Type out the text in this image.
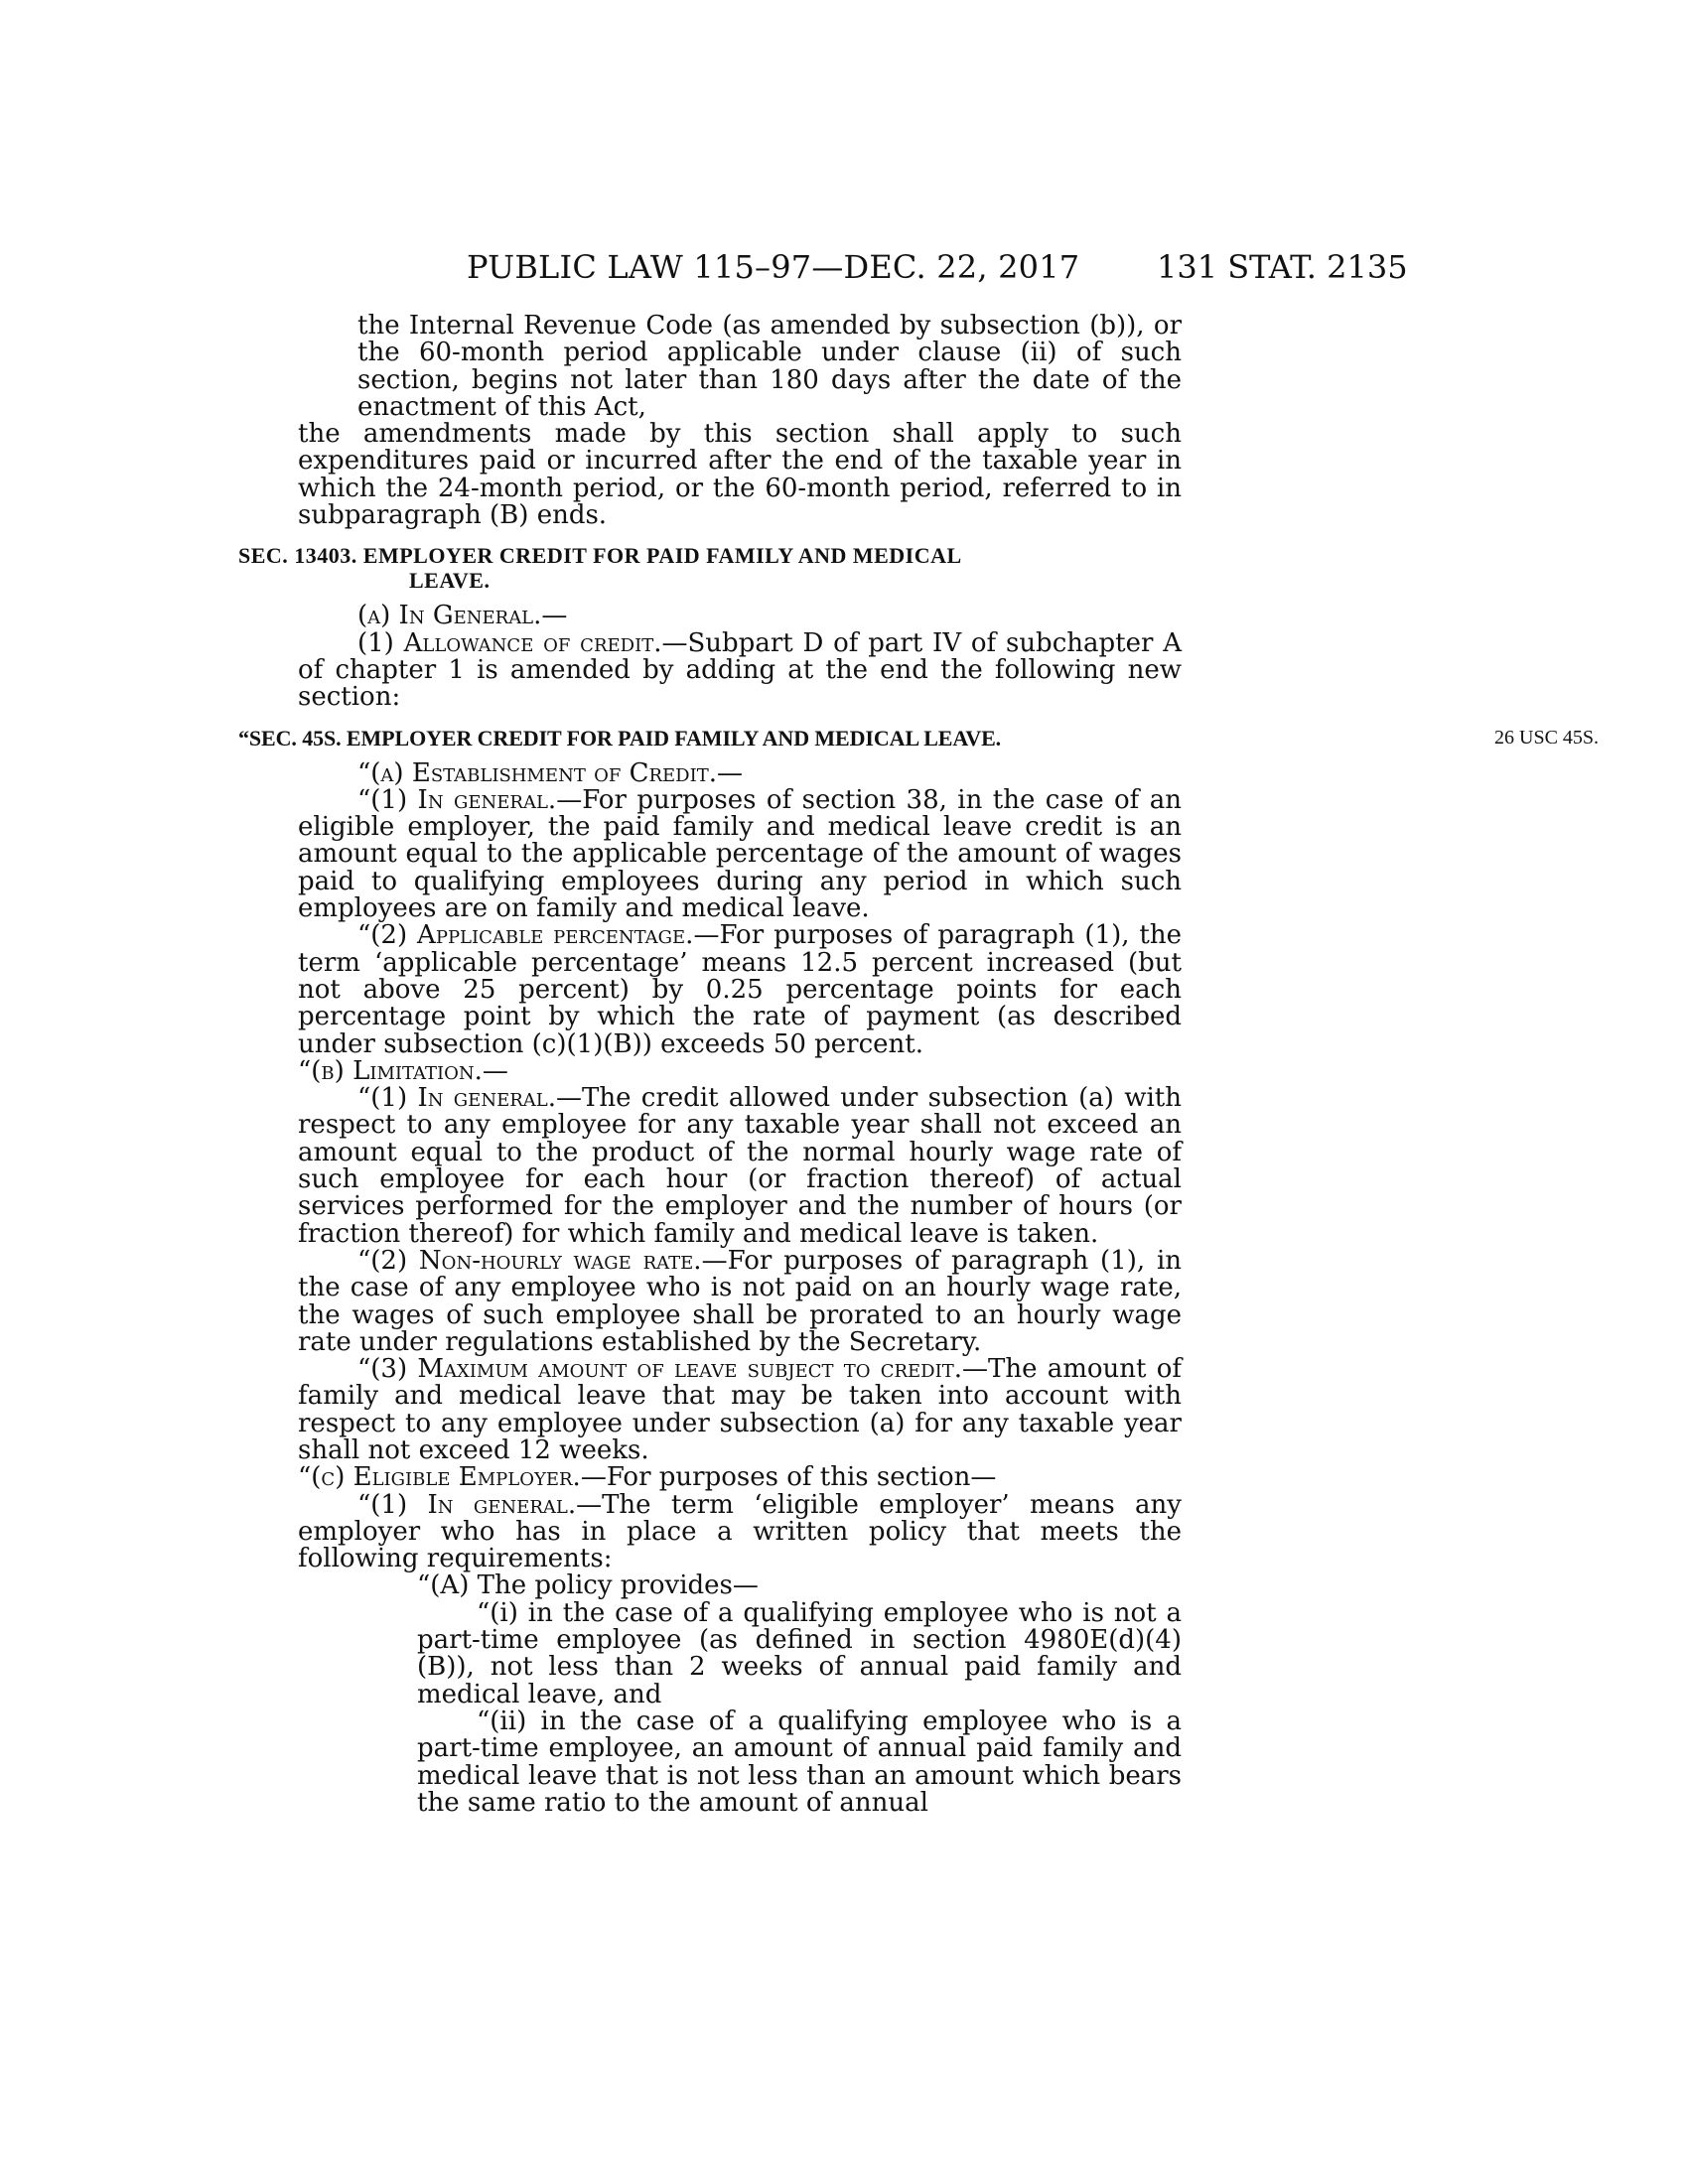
PUBLIC LAW 115–97—DEC. 22, 2017 131 STAT. 2135

the Internal Revenue Code (as amended by subsection (b)), or the 60-month period applicable under clause (ii) of such section, begins not later than 180 days after the date of the enactment of this Act,

the amendments made by this section shall apply to such expenditures paid or incurred after the end of the taxable year in which the 24-month period, or the 60-month period, referred to in subparagraph (B) ends.

SEC. 13403. EMPLOYER CREDIT FOR PAID FAMILY AND MEDICAL
LEAVE.

(a) In General.—

(1) Allowance of credit.—Subpart D of part IV of subchapter A of chapter 1 is amended by adding at the end the following new section:

“SEC. 45S. EMPLOYER CREDIT FOR PAID FAMILY AND MEDICAL LEAVE.	26 USC 45S.

“(a) Establishment of Credit.—

“(1) In general.—For purposes of section 38, in the case of an eligible employer, the paid family and medical leave credit is an amount equal to the applicable percentage of the amount of wages paid to qualifying employees during any period in which such employees are on family and medical leave.

“(2) Applicable percentage.—For purposes of paragraph (1), the term ‘applicable percentage’ means 12.5 percent increased (but not above 25 percent) by 0.25 percentage points for each percentage point by which the rate of payment (as described under subsection (c)(1)(B)) exceeds 50 percent.

“(b) Limitation.—

“(1) In general.—The credit allowed under subsection (a) with respect to any employee for any taxable year shall not exceed an amount equal to the product of the normal hourly wage rate of such employee for each hour (or fraction thereof) of actual services performed for the employer and the number of hours (or fraction thereof) for which family and medical leave is taken.

“(2) Non-hourly wage rate.—For purposes of paragraph (1), in the case of any employee who is not paid on an hourly wage rate, the wages of such employee shall be prorated to an hourly wage rate under regulations established by the Secretary.

“(3) Maximum amount of leave subject to credit.—The amount of family and medical leave that may be taken into account with respect to any employee under subsection (a) for any taxable year shall not exceed 12 weeks.

“(c) Eligible Employer.—For purposes of this section—

“(1) In general.—The term ‘eligible employer’ means any employer who has in place a written policy that meets the following requirements:

“(A) The policy provides—

“(i) in the case of a qualifying employee who is not a part-time employee (as defined in section 4980E(d)(4)(B)), not less than 2 weeks of annual paid family and medical leave, and

“(ii) in the case of a qualifying employee who is a part-time employee, an amount of annual paid family and medical leave that is not less than an amount which bears the same ratio to the amount of annual
